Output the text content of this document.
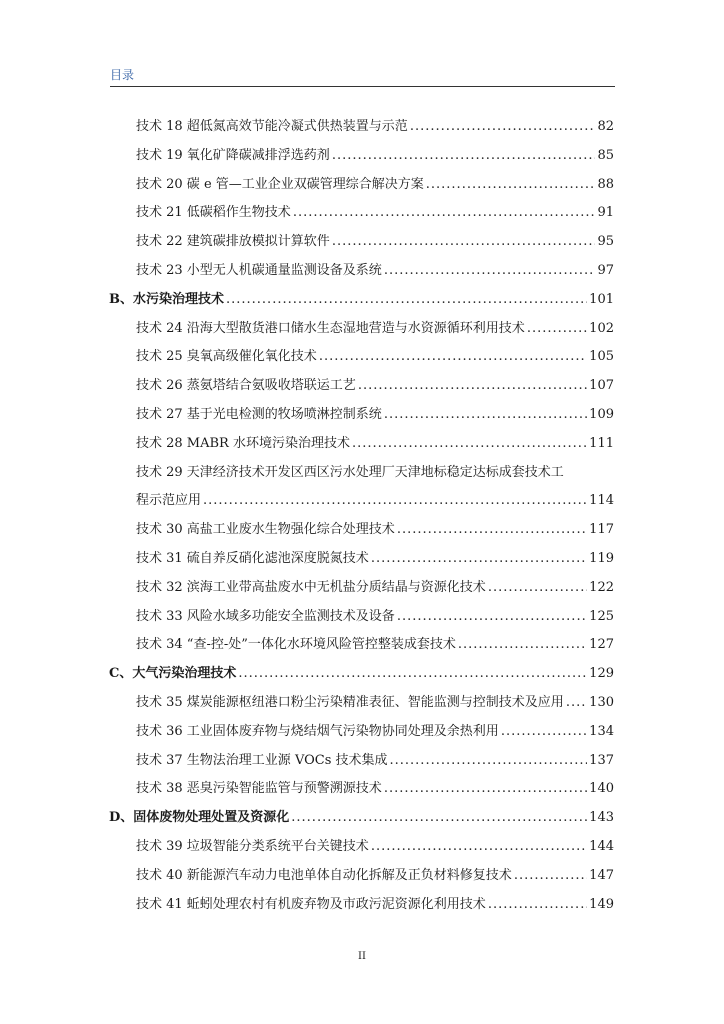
目录
技术 18 超低氮高效节能冷凝式供热装置与示范 .....	82
技术 19 氧化矿降碳减排浮选药剂 .....	85
技术 20 碳 e 管—工业企业双碳管理综合解决方案 .....	88
技术 21 低碳稻作生物技术 .....	91
技术 22 建筑碳排放模拟计算软件 .....	95
技术 23 小型无人机碳通量监测设备及系统 .....	97
B、水污染治理技术 .....	101
技术 24 沿海大型散货港口储水生态湿地营造与水资源循环利用技术 .....	102
技术 25 臭氧高级催化氧化技术 .....	105
技术 26 蒸氨塔结合氨吸收塔联运工艺 .....	107
技术 27 基于光电检测的牧场喷淋控制系统 .....	109
技术 28 MABR 水环境污染治理技术 .....	111
技术 29 天津经济技术开发区西区污水处理厂天津地标稳定达标成套技术工
程示范应用 .....	114
技术 30 高盐工业废水生物强化综合处理技术 .....	117
技术 31 硫自养反硝化滤池深度脱氮技术 .....	119
技术 32 滨海工业带高盐废水中无机盐分质结晶与资源化技术 .....	122
技术 33 风险水域多功能安全监测技术及设备 .....	125
技术 34 “查-控-处”一体化水环境风险管控整装成套技术 .....	127
C、大气污染治理技术 .....	129
技术 35 煤炭能源枢纽港口粉尘污染精准表征、智能监测与控制技术及应用 ..... 130
技术 36 工业固体废弃物与烧结烟气污染物协同处理及余热利用 .....	134
技术 37 生物法治理工业源 VOCs 技术集成 .....	137
技术 38 恶臭污染智能监管与预警溯源技术 .....	140
D、固体废物处理处置及资源化 .....	143
技术 39 垃圾智能分类系统平台关键技术 .....	144
技术 40 新能源汽车动力电池单体自动化拆解及正负材料修复技术 .....	147
技术 41 蚯蚓处理农村有机废弃物及市政污泥资源化利用技术 .....	149
II
